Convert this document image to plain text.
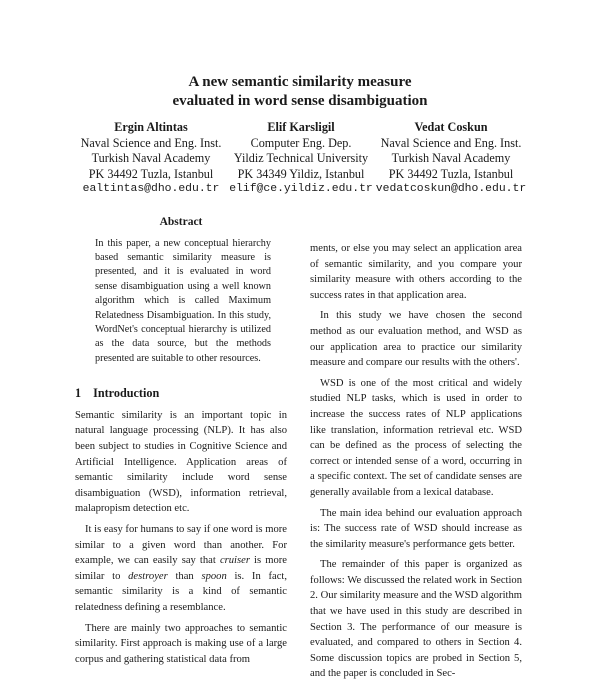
A new semantic similarity measure
evaluated in word sense disambiguation
Ergin Altintas
Naval Science and Eng. Inst.
Turkish Naval Academy
PK 34492 Tuzla, Istanbul
ealtintas@dho.edu.tr
Elif Karsligil
Computer Eng. Dep.
Yildiz Technical University
PK 34349 Yildiz, Istanbul
elif@ce.yildiz.edu.tr
Vedat Coskun
Naval Science and Eng. Inst.
Turkish Naval Academy
PK 34492 Tuzla, Istanbul
vedatcoskun@dho.edu.tr
Abstract
In this paper, a new conceptual hierarchy based semantic similarity measure is presented, and it is evaluated in word sense disambiguation using a well known algorithm which is called Maximum Relatedness Disambiguation. In this study, WordNet's conceptual hierarchy is utilized as the data source, but the methods presented are suitable to other resources.
1 Introduction

Semantic similarity is an important topic in natural language processing (NLP). It has also been subject to studies in Cognitive Science and Artificial Intelligence. Application areas of semantic similarity include word sense disambiguation (WSD), information retrieval, malapropism detection etc.

It is easy for humans to say if one word is more similar to a given word than another. For example, we can easily say that cruiser is more similar to destroyer than spoon is. In fact, semantic similarity is a kind of semantic relatedness defining a resemblance.

There are mainly two approaches to semantic similarity. First approach is making use of a large corpus and gathering statistical data from

ments, or else you may select an application area of semantic similarity, and you compare your similarity measure with others according to the success rates in that application area.

In this study we have chosen the second method as our evaluation method, and WSD as our application area to practice our similarity measure and compare our results with the others'.

WSD is one of the most critical and widely studied NLP tasks, which is used in order to increase the success rates of NLP applications like translation, information retrieval etc. WSD can be defined as the process of selecting the correct or intended sense of a word, occurring in a specific context. The set of candidate senses are generally available from a lexical database.

The main idea behind our evaluation approach is: The success rate of WSD should increase as the similarity measure's performance gets better.

The remainder of this paper is organized as follows: We discussed the related work in Section 2. Our similarity measure and the WSD algorithm that we have used in this study are described in Section 3. The performance of our measure is evaluated, and compared to others in Section 4. Some discussion topics are probed in Section 5, and the paper is concluded in Sec-
